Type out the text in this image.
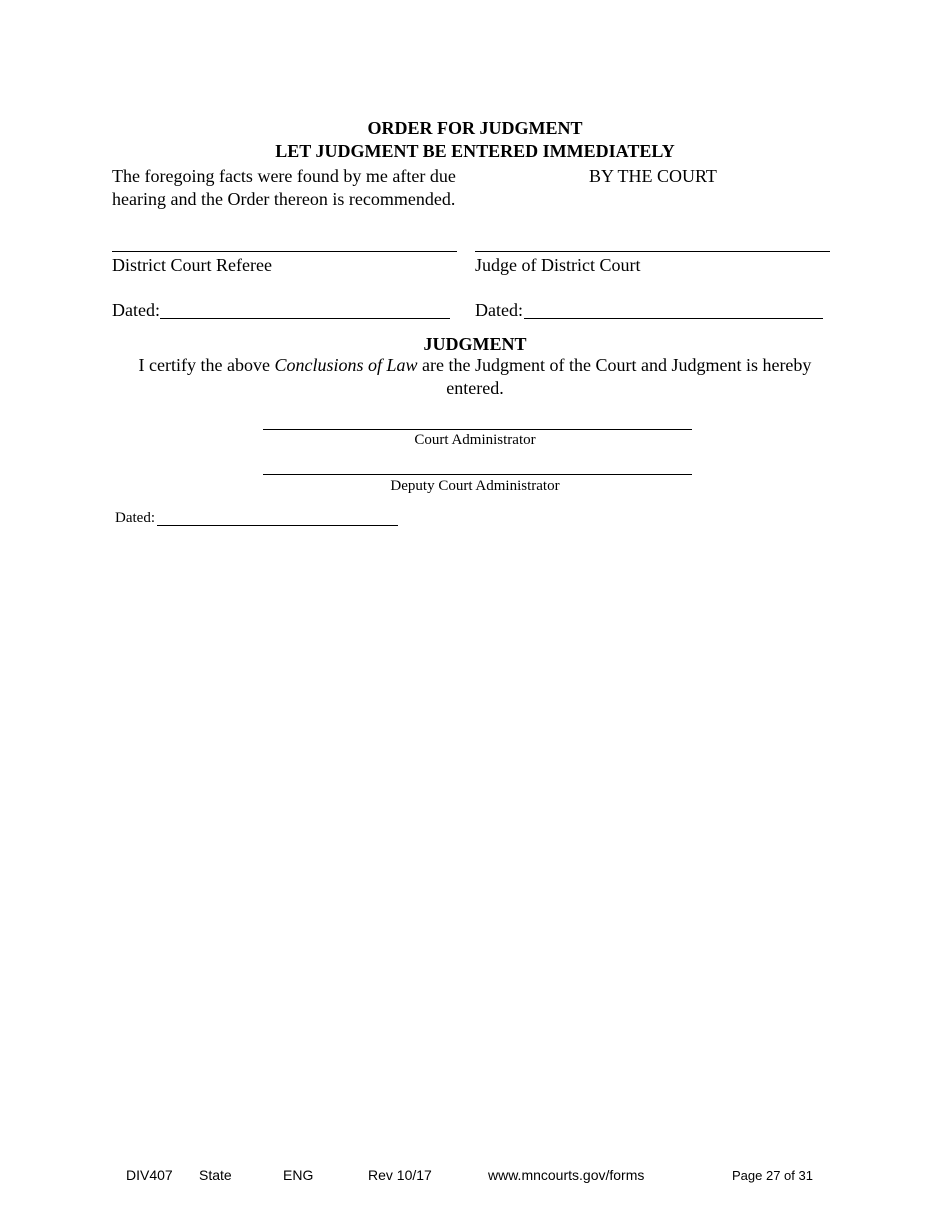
ORDER FOR JUDGMENT
LET JUDGMENT BE ENTERED IMMEDIATELY
The foregoing facts were found by me after due
hearing and the Order thereon is recommended.
BY THE COURT
District Court Referee	Judge of District Court
Dated:	Dated:
JUDGMENT
I certify the above Conclusions of Law are the Judgment of the Court and Judgment is hereby
entered.
Court Administrator
Deputy Court Administrator
Dated:
DIV407 State	ENG	Rev 10/17	www.mncourts.gov/forms	Page 27 of 31
